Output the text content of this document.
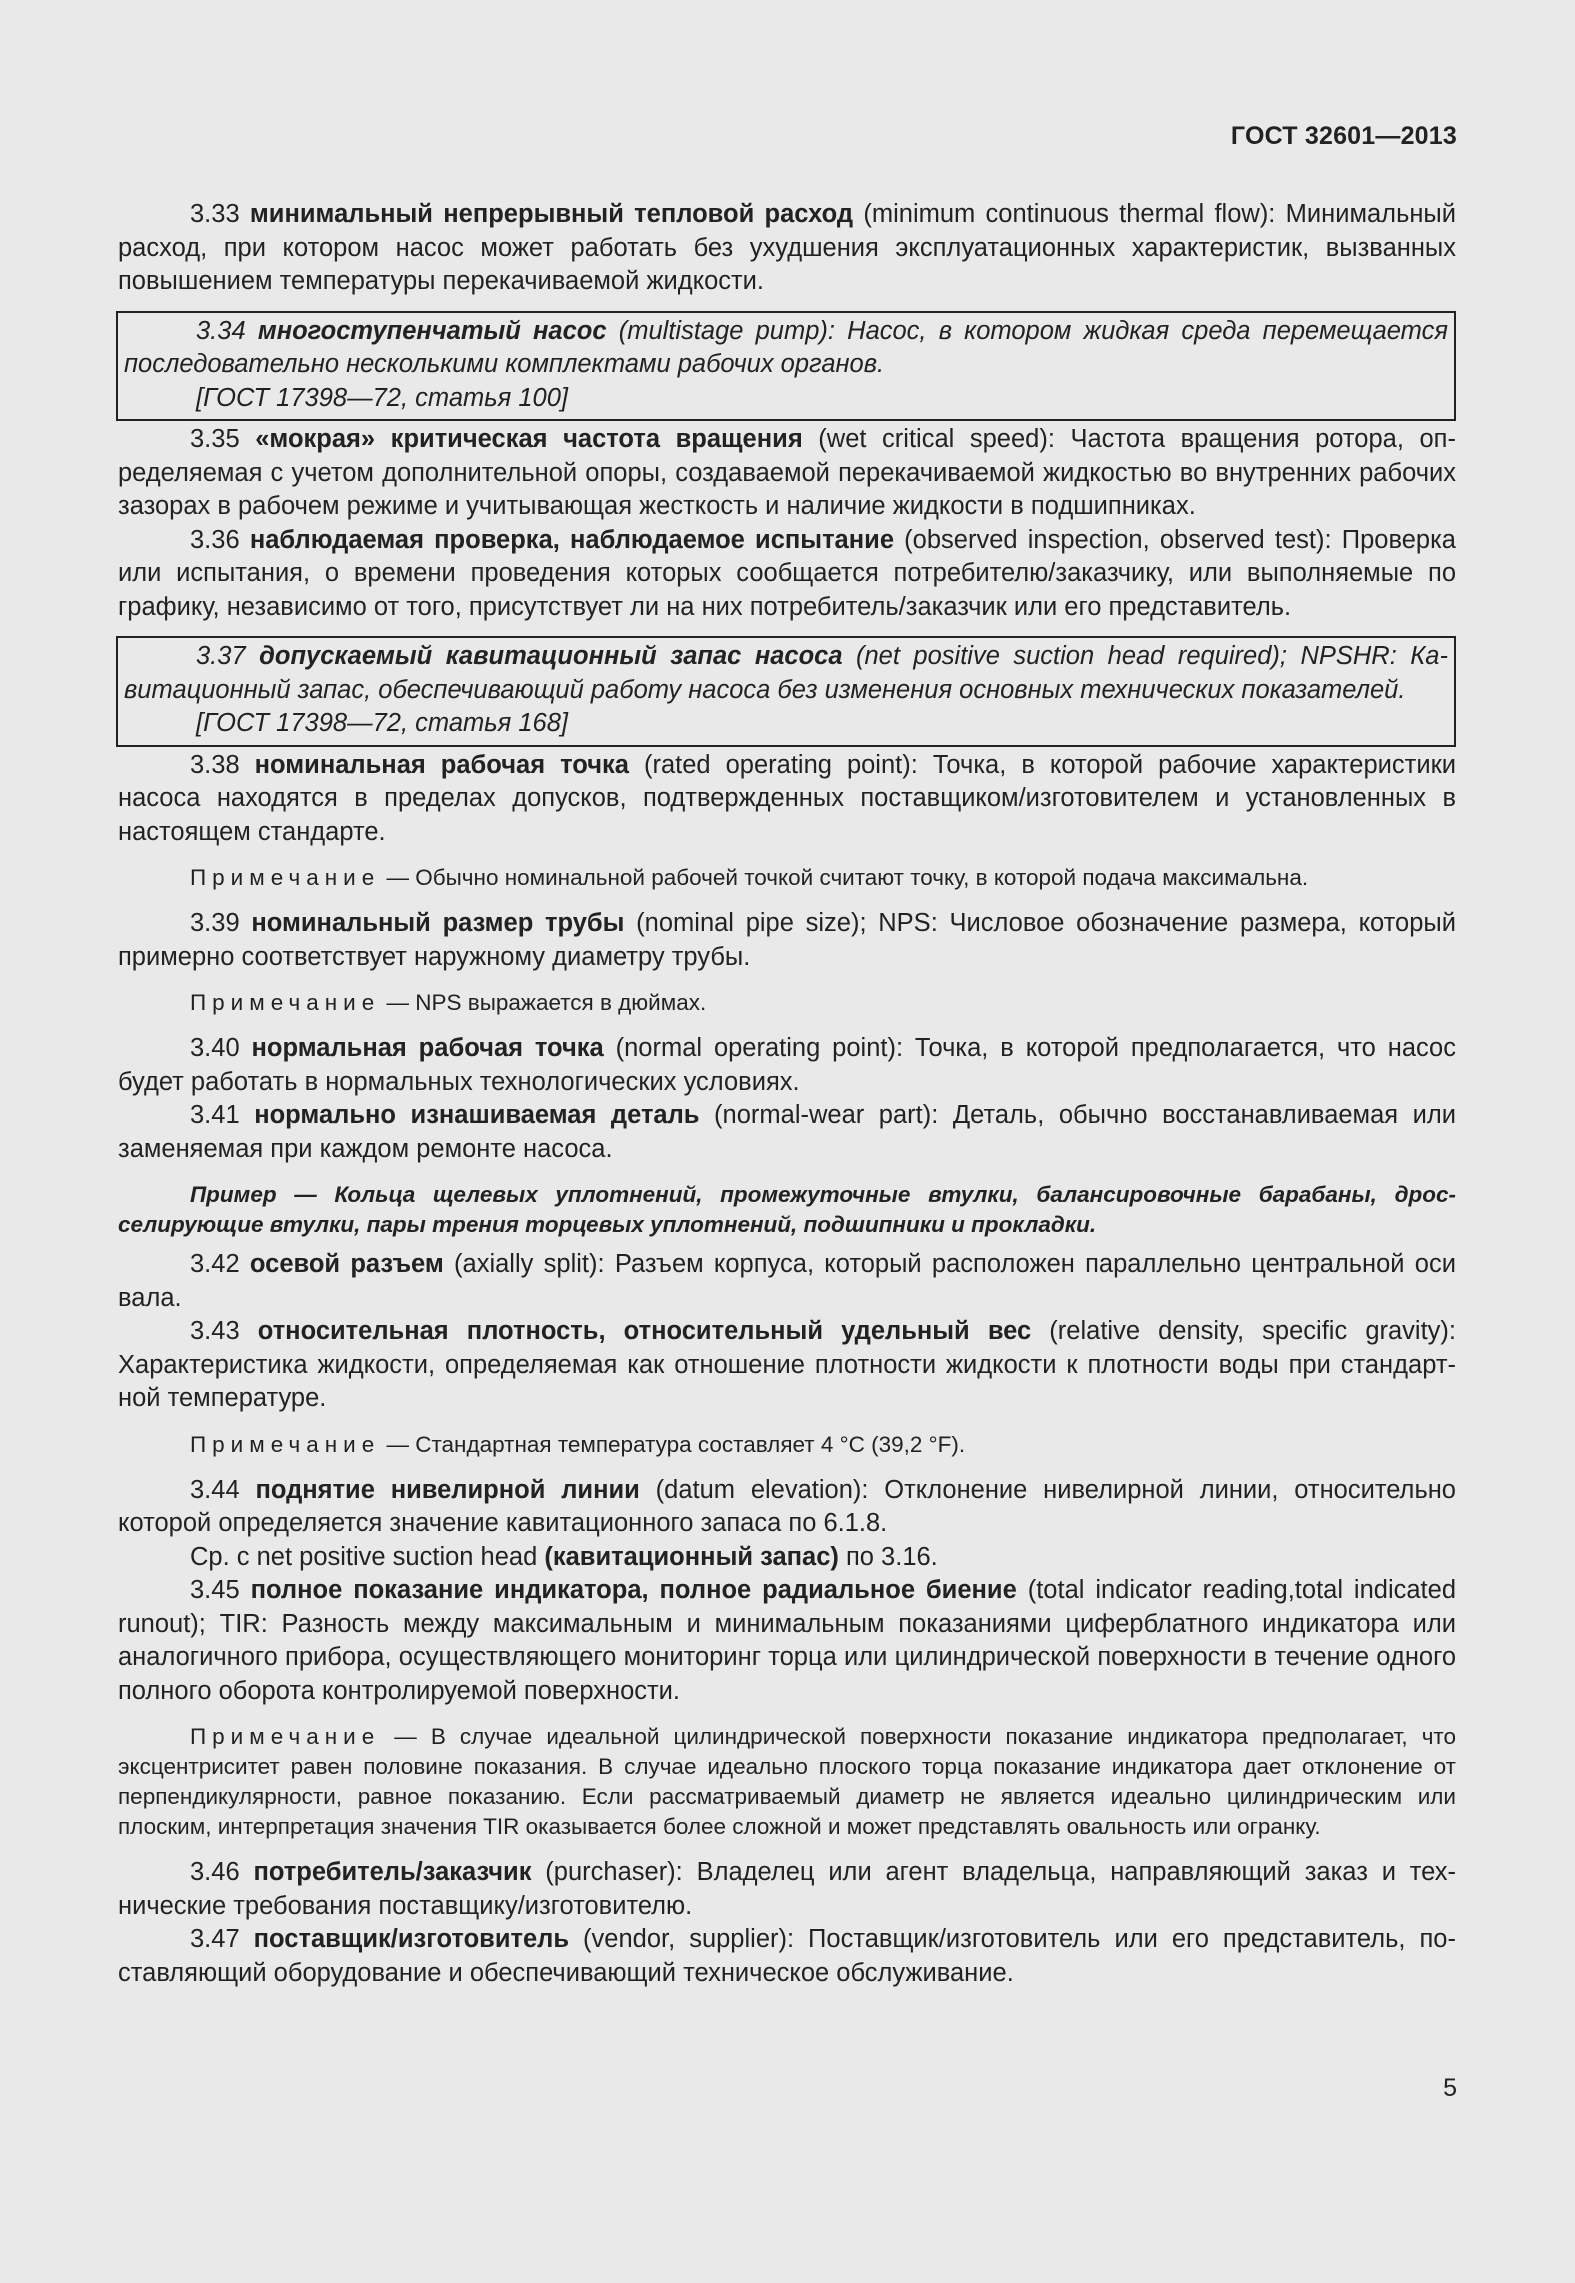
ГОСТ 32601—2013

3.33 минимальный непрерывный тепловой расход (minimum continuous thermal flow): Минимальный расход, при котором насос может работать без ухудшения эксплуатационных характеристик, вызванных повышением температуры перекачиваемой жидкости.

3.34 многоступенчатый насос (multistage pump): Насос, в котором жидкая среда перемещается последовательно несколькими комплектами рабочих органов.

[ГОСТ 17398—72, статья 100]

3.35 «мокрая» критическая частота вращения (wet critical speed): Частота вращения ротора, определяемая с учетом дополнительной опоры, создаваемой перекачиваемой жидкостью во внутренних рабочих зазорах в рабочем режиме и учитывающая жесткость и наличие жидкости в подшипниках.

3.36 наблюдаемая проверка, наблюдаемое испытание (observed inspection, observed test): Проверка или испытания, о времени проведения которых сообщается потребителю/заказчику, или выполняемые по графику, независимо от того, присутствует ли на них потребитель/заказчик или его представитель.

3.37 допускаемый кавитационный запас насоса (net positive suction head required); NPSHR: Кавитационный запас, обеспечивающий работу насоса без изменения основных технических показателей.

[ГОСТ 17398—72, статья 168]

3.38 номинальная рабочая точка (rated operating point): Точка, в которой рабочие характеристики насоса находятся в пределах допусков, подтвержденных поставщиком/изготовителем и установленных в настоящем стандарте.

Примечание — Обычно номинальной рабочей точкой считают точку, в которой подача максимальна.

3.39 номинальный размер трубы (nominal pipe size); NPS: Числовое обозначение размера, который примерно соответствует наружному диаметру трубы.

Примечание — NPS выражается в дюймах.

3.40 нормальная рабочая точка (normal operating point): Точка, в которой предполагается, что насос будет работать в нормальных технологических условиях.

3.41 нормально изнашиваемая деталь (normal-wear part): Деталь, обычно восстанавливаемая или заменяемая при каждом ремонте насоса.

Пример — Кольца щелевых уплотнений, промежуточные втулки, балансировочные барабаны, дросселирующие втулки, пары трения торцевых уплотнений, подшипники и прокладки.

3.42 осевой разъем (axially split): Разъем корпуса, который расположен параллельно центральной оси вала.

3.43 относительная плотность, относительный удельный вес (relative density, specific gravity): Характеристика жидкости, определяемая как отношение плотности жидкости к плотности воды при стандартной температуре.

Примечание — Стандартная температура составляет 4 °С (39,2 °F).

3.44 поднятие нивелирной линии (datum elevation): Отклонение нивелирной линии, относительно которой определяется значение кавитационного запаса по 6.1.8.

Ср. с net positive suction head (кавитационный запас) по 3.16.

3.45 полное показание индикатора, полное радиальное биение (total indicator reading,total indicated runout); TIR: Разность между максимальным и минимальным показаниями циферблатного индикатора или аналогичного прибора, осуществляющего мониторинг торца или цилиндрической поверхности в течение одного полного оборота контролируемой поверхности.

Примечание — В случае идеальной цилиндрической поверхности показание индикатора предполагает, что эксцентриситет равен половине показания. В случае идеально плоского торца показание индикатора дает отклонение от перпендикулярности, равное показанию. Если рассматриваемый диаметр не является идеально цилиндрическим или плоским, интерпретация значения TIR оказывается более сложной и может представлять овальность или огранку.

3.46 потребитель/заказчик (purchaser): Владелец или агент владельца, направляющий заказ и технические требования поставщику/изготовителю.

3.47 поставщик/изготовитель (vendor, supplier): Поставщик/изготовитель или его представитель, поставляющий оборудование и обеспечивающий техническое обслуживание.

5
